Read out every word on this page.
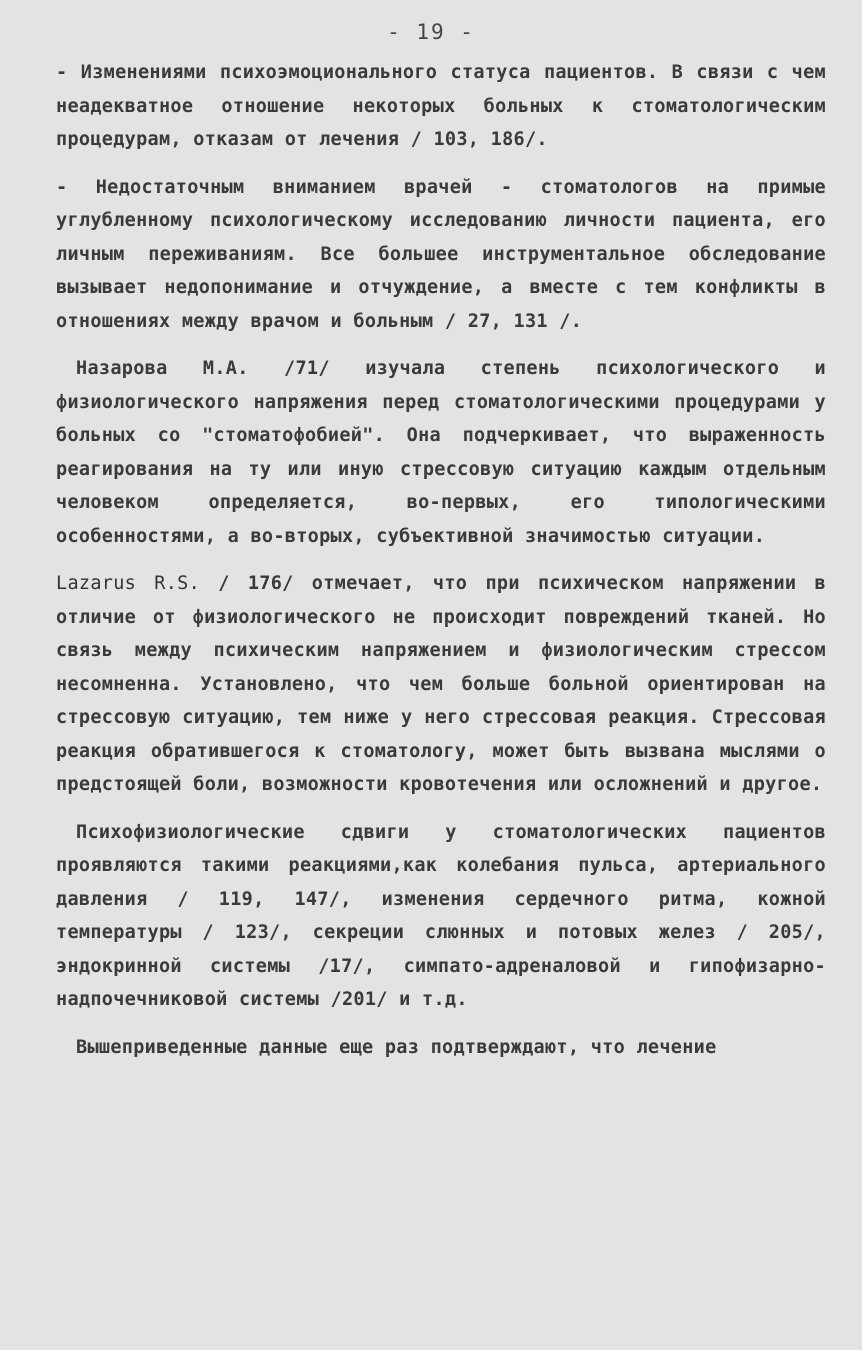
- 19 -

- Изменениями психоэмоционального статуса пациентов. В связи с чем неадекватное отношение некоторых больных к стоматологическим процедурам, отказам от лечения / 103, 186/.

- Недостаточным вниманием врачей - стоматологов на примые углубленному психологическому исследованию личности пациента, его личным переживаниям. Все большее инструментальное обследование вызывает недопонимание и отчуждение, а вместе с тем конфликты в отношениях между врачом и больным / 27, 131 /.

Назарова М.А. /71/ изучала степень психологического и физиологического напряжения перед стоматологическими процедурами у больных со "стоматофобией". Она подчеркивает, что выраженность реагирования на ту или иную стрессовую ситуацию каждым отдельным человеком определяется, во-первых, его типологическими особенностями, а во-вторых, субъективной значимостью ситуации.

Lazarus R.S. / 176/ отмечает, что при психическом напряжении в отличие от физиологического не происходит повреждений тканей. Но связь между психическим напряжением и физиологическим стрессом несомненна. Установлено, что чем больше больной ориентирован на стрессовую ситуацию, тем ниже у него стрессовая реакция. Стрессовая реакция обратившегося к стоматологу, может быть вызвана мыслями о предстоящей боли, возможности кровотечения или осложнений и другое.

Психофизиологические сдвиги у стоматологических пациентов проявляются такими реакциями,как колебания пульса, артериального давления / 119, 147/, изменения сердечного ритма, кожной температуры / 123/, секреции слюнных и потовых желез / 205/, эндокринной системы /17/, симпато-адреналовой и гипофизарно-надпочечниковой системы /201/ и т.д.

Вышеприведенные данные еще раз подтверждают, что лечение
